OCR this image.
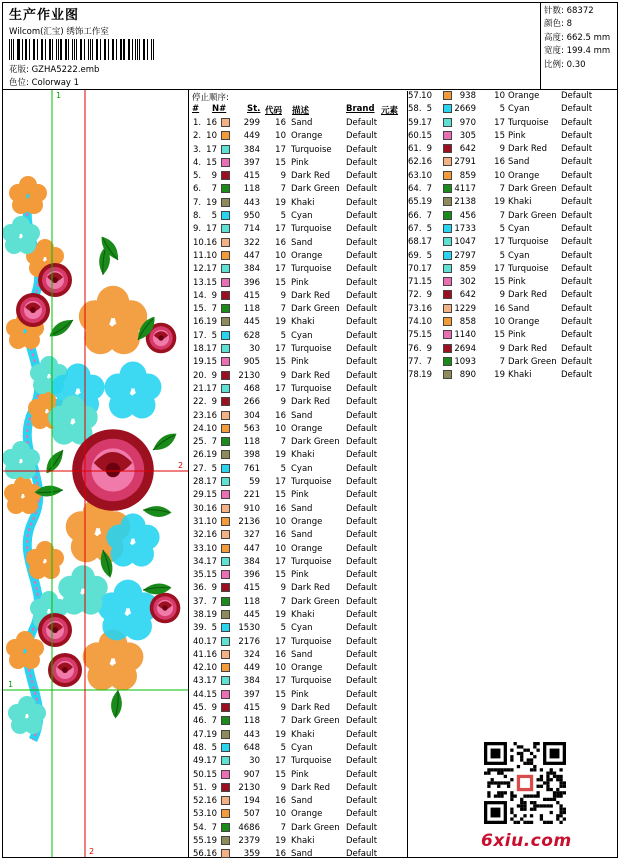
生产作业图
Wilcom(汇宝) 绣饰工作室
花版: GZHA5222.emb
色位: Colorway 1
针数: 68372
颜色: 8
高度: 662.5 mm
宽度: 199.4 mm
比例: 0.30
1
2
1
2
停止顺序:
# N# St. 代码 描述	Brand 元素
1. 16	299	16 Sand	Default
2. 10	449	10 Orange	Default
3. 17	384	17 Turquoise Default
4. 15	397	15 Pink	Default
5.	9	415	9 Dark Red Default
6.	7	118	7 Dark Green Default
7. 19	443	19 Khaki	Default
8.	5	950	5 Cyan	Default
9. 17	714	17 Turquoise Default
10. 16	322	16 Sand	Default
11. 10	447	10 Orange	Default
12. 17	384	17 Turquoise Default
13. 15	396	15 Pink	Default
14. 9	415	9 Dark Red Default
15. 7	118	7 Dark Green Default
16. 19	445	19 Khaki	Default
17. 5	628	5 Cyan	Default
18. 17	30	17 Turquoise Default
19. 15	905	15 Pink	Default
20. 9	2130	9 Dark Red Default
21. 17	468	17 Turquoise Default
22. 9	266	9 Dark Red Default
23. 16	304	16 Sand	Default
24. 10	563	10 Orange	Default
25. 7	118	7 Dark Green Default
26. 19	398	19 Khaki	Default
27. 5	761	5 Cyan	Default
28. 17	59	17 Turquoise Default
29. 15	221	15 Pink	Default
30. 16	910	16 Sand	Default
31. 10	2136	10 Orange	Default
32. 16	327	16 Sand	Default
33. 10	447	10 Orange	Default
34. 17	384	17 Turquoise Default
35. 15	396	15 Pink	Default
36. 9	415	9 Dark Red Default
37. 7	118	7 Dark Green Default
38. 19	445	19 Khaki	Default
39. 5	1530	5 Cyan	Default
40. 17	2176	17 Turquoise Default
41. 16	324	16 Sand	Default
42. 10	449	10 Orange	Default
43. 17	384	17 Turquoise Default
44. 15	397	15 Pink	Default
45. 9	415	9 Dark Red Default
46. 7	118	7 Dark Green Default
47. 19	443	19 Khaki	Default
48. 5	648	5 Cyan	Default
49. 17	30	17 Turquoise Default
50. 15	907	15 Pink	Default
51. 9	2130	9 Dark Red Default
52. 16	194	16 Sand	Default
53. 10	507	10 Orange	Default
54. 7	4686	7 Dark Green Default
55. 19	2379	19 Khaki	Default
56. 16	359	16 Sand	Default
57. 10	938	10 Orange	Default
58. 5	2669	5 Cyan	Default
59. 17	970	17 Turquoise Default
60. 15	305	15 Pink	Default
61. 9	642	9 Dark Red Default
62. 16	2791	16 Sand	Default
63. 10	859	10 Orange	Default
64. 7	4117	7 Dark Green Default
65. 19	2138	19 Khaki	Default
66. 7	456	7 Dark Green Default
67. 5	1733	5 Cyan	Default
68. 17	1047	17 Turquoise Default
69. 5	2797	5 Cyan	Default
70. 17	859	17 Turquoise Default
71. 15	302	15 Pink	Default
72. 9	642	9 Dark Red Default
73. 16	1229	16 Sand	Default
74. 10	858	10 Orange	Default
75. 15	1140	15 Pink	Default
76. 9	2694	9 Dark Red Default
77. 7	1093	7 Dark Green Default
78. 19	890	19 Khaki	Default
6xiu.com
